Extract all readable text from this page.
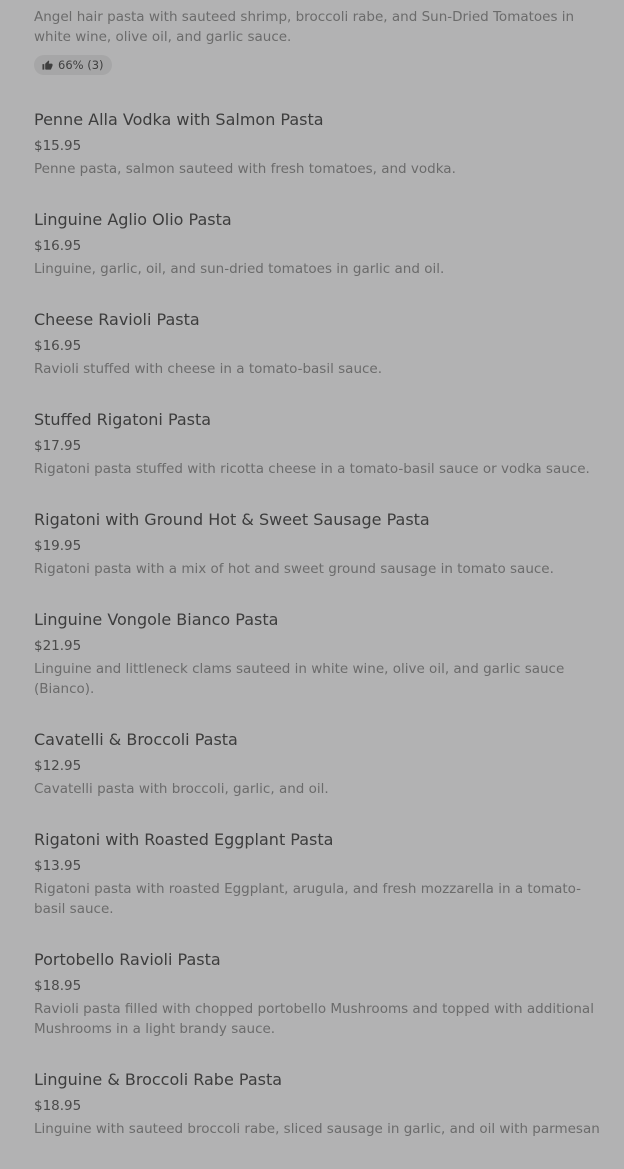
Angel hair pasta with sauteed shrimp, broccoli rabe, and Sun-Dried Tomatoes in white wine, olive oil, and garlic sauce.

66% (3)

Penne Alla Vodka with Salmon Pasta

$15.95
Penne pasta, salmon sauteed with fresh tomatoes, and vodka.

Linguine Aglio Olio Pasta

$16.95
Linguine, garlic, oil, and sun-dried tomatoes in garlic and oil.

Cheese Ravioli Pasta

$16.95
Ravioli stuffed with cheese in a tomato-basil sauce.

Stuffed Rigatoni Pasta

$17.95
Rigatoni pasta stuffed with ricotta cheese in a tomato-basil sauce or vodka sauce.

Rigatoni with Ground Hot & Sweet Sausage Pasta

$19.95
Rigatoni pasta with a mix of hot and sweet ground sausage in tomato sauce.

Linguine Vongole Bianco Pasta

$21.95
Linguine and littleneck clams sauteed in white wine, olive oil, and garlic sauce (Bianco).

Cavatelli & Broccoli Pasta

$12.95
Cavatelli pasta with broccoli, garlic, and oil.

Rigatoni with Roasted Eggplant Pasta

$13.95
Rigatoni pasta with roasted Eggplant, arugula, and fresh mozzarella in a tomato-basil sauce.

Portobello Ravioli Pasta

$18.95
Ravioli pasta filled with chopped portobello Mushrooms and topped with additional Mushrooms in a light brandy sauce.

Linguine & Broccoli Rabe Pasta

$18.95
Linguine with sauteed broccoli rabe, sliced sausage in garlic, and oil with parmesan
